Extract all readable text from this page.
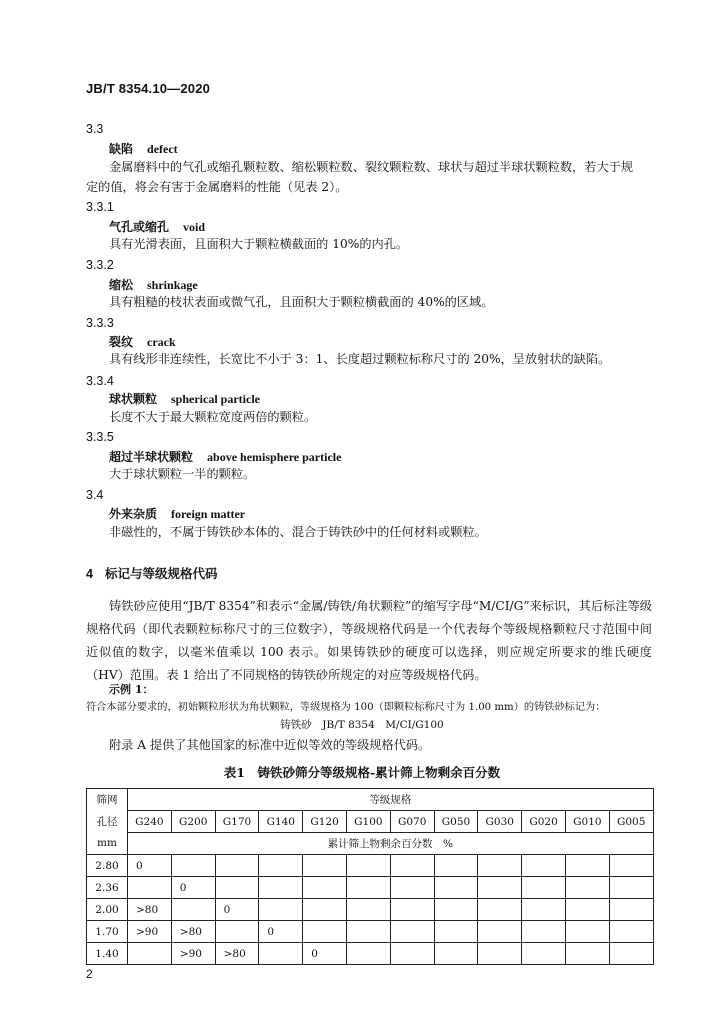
JB/T 8354.10—2020
3.3
缺陷 defect
金属磨料中的气孔或缩孔颗粒数、缩松颗粒数、裂纹颗粒数、球状与超过半球状颗粒数，若大于规
定的值，将会有害于金属磨料的性能（见表 2）。
3.3.1
气孔或缩孔 void
具有光滑表面，且面积大于颗粒横截面的 10%的内孔。
3.3.2
缩松 shrinkage
具有粗糙的枝状表面或微气孔，且面积大于颗粒横截面的 40%的区域。
3.3.3
裂纹 crack
具有线形非连续性，长宽比不小于 3：1、长度超过颗粒标称尺寸的 20%，呈放射状的缺陷。
3.3.4
球状颗粒 spherical particle
长度不大于最大颗粒宽度两倍的颗粒。
3.3.5
超过半球状颗粒 above hemisphere particle
大于球状颗粒一半的颗粒。
3.4
外来杂质 foreign matter
非磁性的，不属于铸铁砂本体的、混合于铸铁砂中的任何材料或颗粒。
4 标记与等级规格代码
铸铁砂应使用“JB/T 8354”和表示“金属/铸铁/角状颗粒”的缩写字母“M/CI/G”来标识，其后标注等级规格代码（即代表颗粒标称尺寸的三位数字），等级规格代码是一个代表每个等级规格颗粒尺寸范围中间近似值的数字，以毫米值乘以 100 表示。如果铸铁砂的硬度可以选择，则应规定所要求的维氏硬度（HV）范围。表 1 给出了不同规格的铸铁砂所规定的对应等级规格代码。
示例 1：
符合本部分要求的，初始颗粒形状为角状颗粒，等级规格为 100（即颗粒标称尺寸为 1.00 mm）的铸铁砂标记为：
铸铁砂　JB/T 8354　M/CI/G100
附录 A 提供了其他国家的标准中近似等效的等级规格代码。
表1　铸铁砂筛分等级规格-累计筛上物剩余百分数
筛网	等级规格											
孔径	G240	G200	G170	G140	G120	G100	G070	G050	G030	G020	G010	G005
mm	累计筛上物剩余百分数　%											
2.80	0											
2.36		0										
2.00	>80		0									
1.70	>90	>80		0								
1.40		>90	>80		0							
2
